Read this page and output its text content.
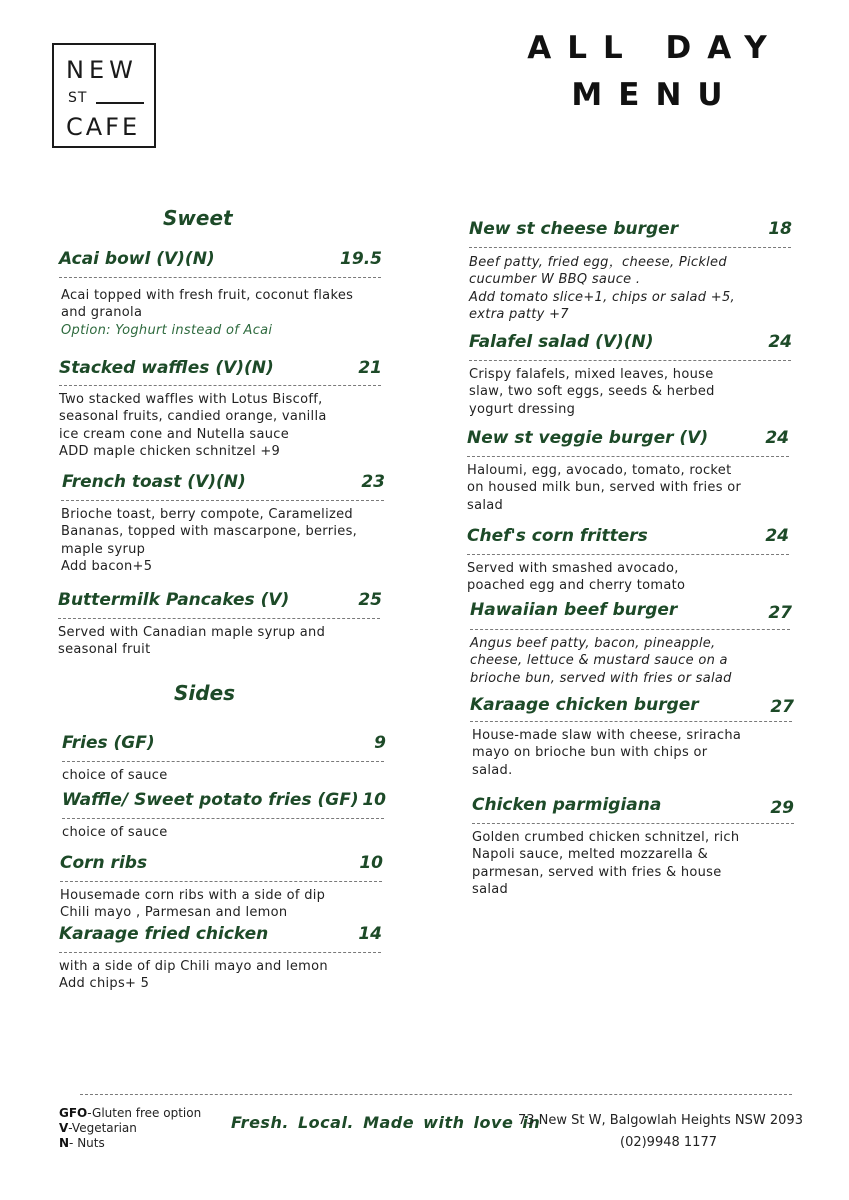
NEW
ST
CAFE
ALL DAY
MENU
Sweet
Acai bowl (V)(N)	19.5
Acai topped with fresh fruit, coconut flakes
and granola
Option: Yoghurt instead of Acai
Stacked waffles (V)(N)	21
Two stacked waffles with Lotus Biscoff,
seasonal fruits, candied orange, vanilla
ice cream cone and Nutella sauce
ADD maple chicken schnitzel +9
French toast (V)(N)	23
Brioche toast, berry compote, Caramelized
Bananas, topped with mascarpone, berries,
maple syrup
Add bacon+5
Buttermilk Pancakes (V)	25
Served with Canadian maple syrup and
seasonal fruit
Sides
Fries (GF)	9
choice of sauce
Waffle/ Sweet potato fries (GF) 10
choice of sauce
Corn ribs	10
Housemade corn ribs with a side of dip
Chili mayo , Parmesan and lemon
Karaage fried chicken	14
with a side of dip Chili mayo and lemon
Add chips+ 5
New st cheese burger	18
Beef patty, fried egg，cheese, Pickled
cucumber W BBQ sauce .
Add tomato slice+1, chips or salad +5,
extra patty +7
Falafel salad (V)(N)	24
Crispy falafels, mixed leaves, house
slaw, two soft eggs, seeds & herbed
yogurt dressing
New st veggie burger (V)	24
Haloumi, egg, avocado, tomato, rocket
on housed milk bun, served with fries or
salad
Chef's corn fritters	24
Served with smashed avocado,
poached egg and cherry tomato
Hawaiian beef burger	27
Angus beef patty, bacon, pineapple,
cheese, lettuce & mustard sauce on a
brioche bun, served with fries or salad
Karaage chicken burger	27
House-made slaw with cheese, sriracha
mayo on brioche bun with chips or
salad.
Chicken parmigiana	29
Golden crumbed chicken schnitzel, rich
Napoli sauce, melted mozzarella &
parmesan, served with fries & house
salad
GFO-Gluten free option
V-Vegetarian
N- Nuts
Fresh. Local. Made with love in
73 New St W, Balgowlah Heights NSW 2093
(02)9948 1177
